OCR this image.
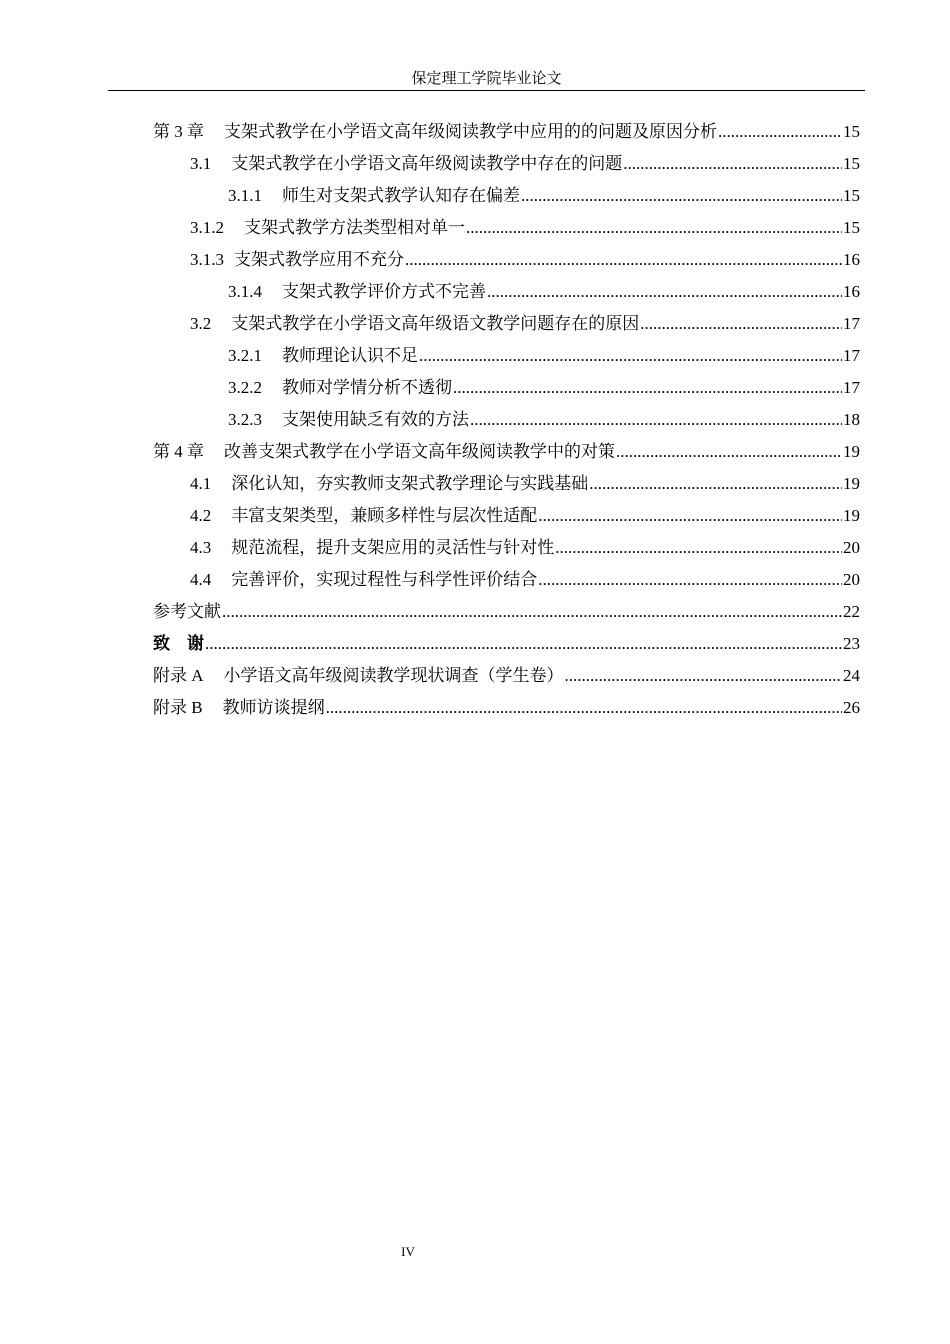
保定理工学院毕业论文
第 3 章 支架式教学在小学语文高年级阅读教学中应用的的问题及原因分析 .....	15
3.1 支架式教学在小学语文高年级阅读教学中存在的问题 .....	15
3.1.1 师生对支架式教学认知存在偏差 .....	15
3.1.2 支架式教学方法类型相对单一 .....	15
3.1.3 支架式教学应用不充分 .....	16
3.1.4 支架式教学评价方式不完善 .....	16
3.2 支架式教学在小学语文高年级语文教学问题存在的原因 .....	17
3.2.1 教师理论认识不足 .....	17
3.2.2 教师对学情分析不透彻 .....	17
3.2.3 支架使用缺乏有效的方法 .....	18
第 4 章 改善支架式教学在小学语文高年级阅读教学中的对策 .....	19
4.1 深化认知，夯实教师支架式教学理论与实践基础 .....	19
4.2 丰富支架类型，兼顾多样性与层次性适配 .....	19
4.3 规范流程，提升支架应用的灵活性与针对性 .....	20
4.4 完善评价，实现过程性与科学性评价结合 .....	20
参考文献 .....	22
致　谢 .....	23
附录 A 小学语文高年级阅读教学现状调查（学生卷） .....	24
附录 B 教师访谈提纲 .....	26
IV
